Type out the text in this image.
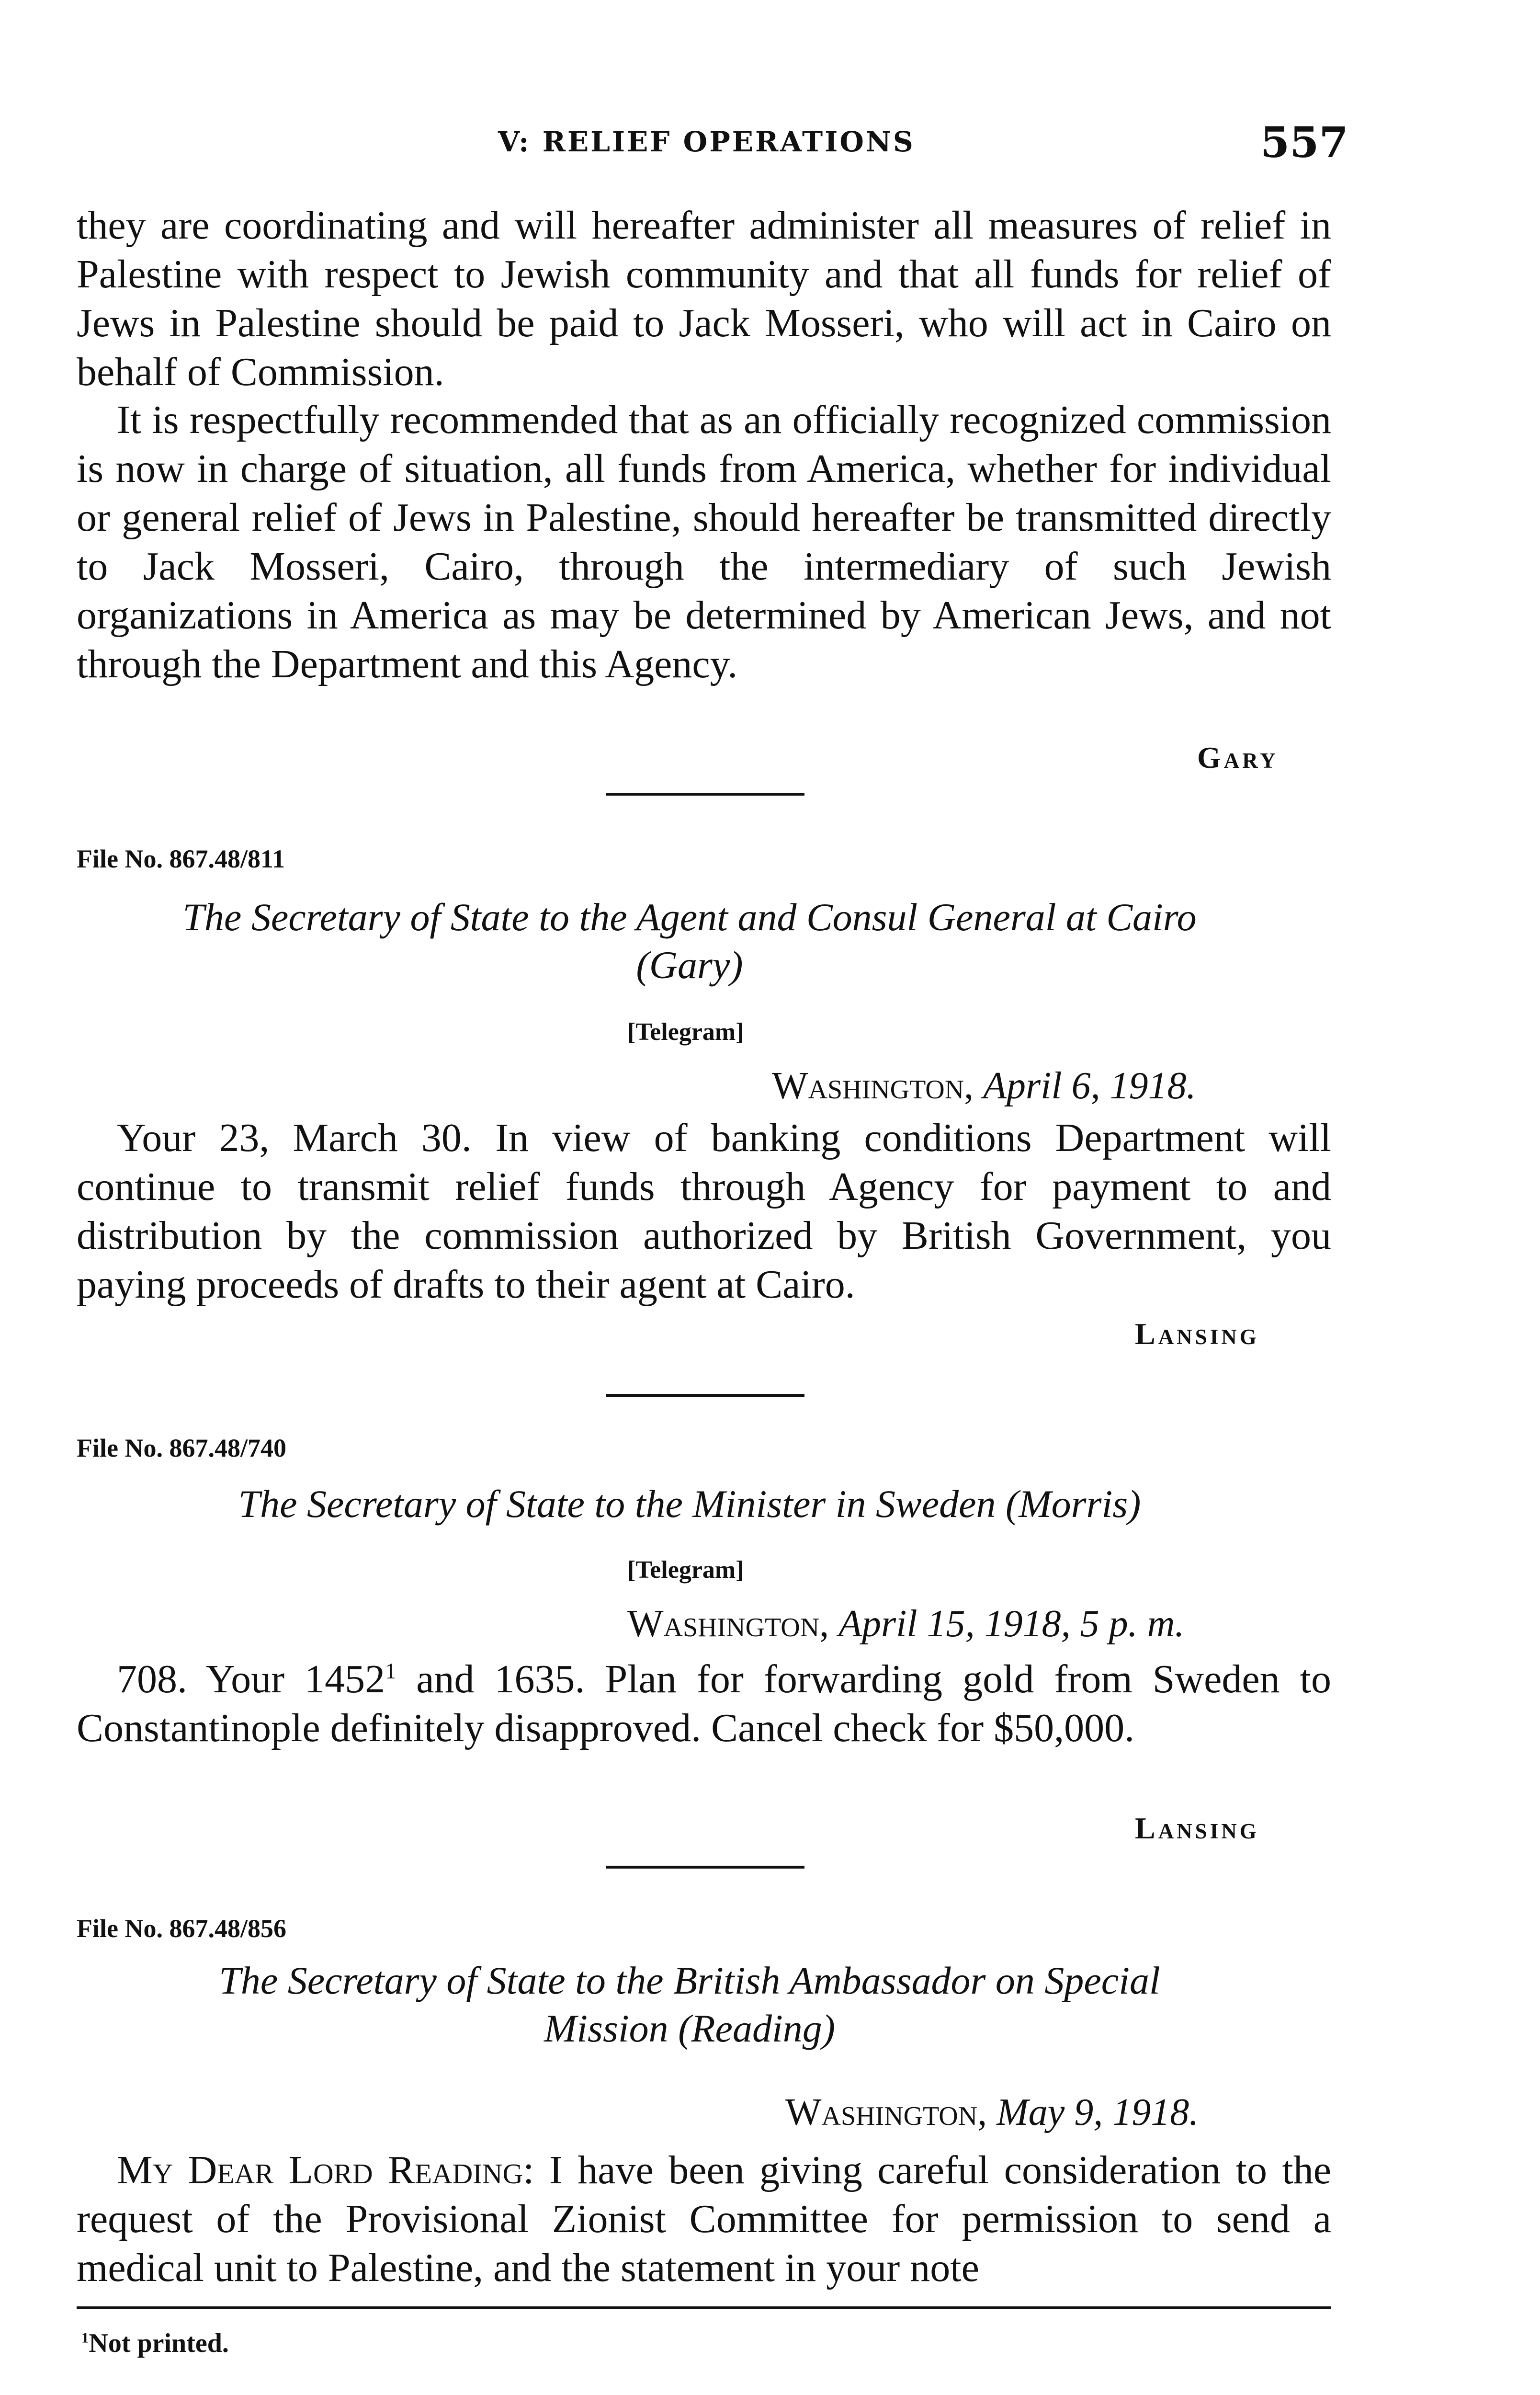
V: RELIEF OPERATIONS	557

they are coordinating and will hereafter administer all measures of relief in Palestine with respect to Jewish community and that all funds for relief of Jews in Palestine should be paid to Jack Mosseri, who will act in Cairo on behalf of Commission.

It is respectfully recommended that as an officially recognized commission is now in charge of situation, all funds from America, whether for individual or general relief of Jews in Palestine, should hereafter be transmitted directly to Jack Mosseri, Cairo, through the intermediary of such Jewish organizations in America as may be determined by American Jews, and not through the Department and this Agency.

Gary
File No. 867.48/811
The Secretary of State to the Agent and Consul General at Cairo
(Gary)
[Telegram]
Washington, April 6, 1918.

Your 23, March 30. In view of banking conditions Department will continue to transmit relief funds through Agency for payment to and distribution by the commission authorized by British Government, you paying proceeds of drafts to their agent at Cairo.

Lansing
File No. 867.48/740
The Secretary of State to the Minister in Sweden (Morris)
[Telegram]
Washington, April 15, 1918, 5 p. m.

708. Your 1452$^1$ and 1635. Plan for forwarding gold from Sweden to Constantinople definitely disapproved. Cancel check for $50,000.

Lansing
File No. 867.48/856
The Secretary of State to the British Ambassador on Special
Mission (Reading)
Washington, May 9, 1918.

My Dear Lord Reading: I have been giving careful consideration to the request of the Provisional Zionist Committee for permission to send a medical unit to Palestine, and the statement in your note

$^1$Not printed.
